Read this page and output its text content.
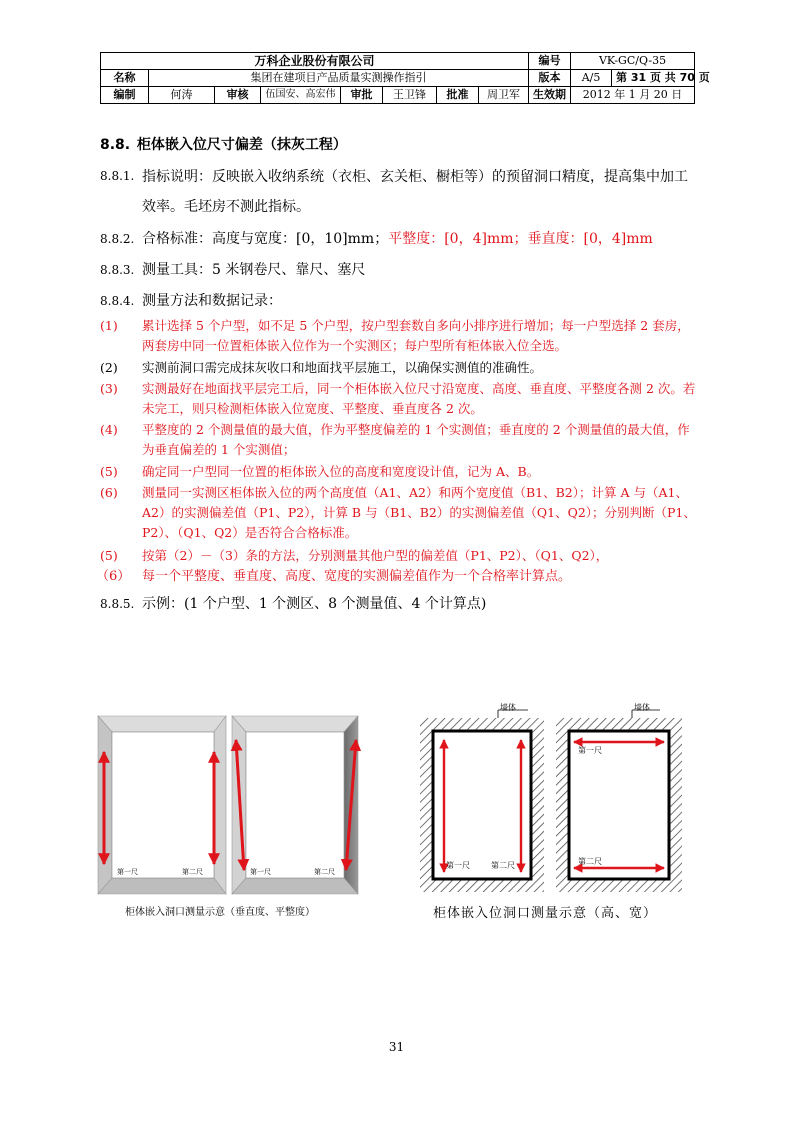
万科企业股份有限公司								编号	VK-GC/Q-35
名称	集团在建项目产品质量实测操作指引							版本	A/5 第 31 页 共 70 页
编制	何涛	审核	伍国安、高宏伟	审批	王卫锋	批准	周卫军	生效期	2012 年 1 月 20 日
8.8. 柜体嵌入位尺寸偏差（抹灰工程）
8.8.1. 指标说明：反映嵌入收纳系统（衣柜、玄关柜、橱柜等）的预留洞口精度，提高集中加工效率。毛坯房不测此指标。
8.8.2. 合格标准：高度与宽度：[0，10]mm；平整度：[0，4]mm；垂直度：[0，4]mm
8.8.3. 测量工具：5 米钢卷尺、靠尺、塞尺
8.8.4. 测量方法和数据记录：
(1)	累计选择 5 个户型，如不足 5 个户型，按户型套数自多向小排序进行增加；每一户型选择 2 套房，两套房中同一位置柜体嵌入位作为一个实测区；每户型所有柜体嵌入位全选。
(2)	实测前洞口需完成抹灰收口和地面找平层施工，以确保实测值的准确性。
(3)	实测最好在地面找平层完工后，同一个柜体嵌入位尺寸沿宽度、高度、垂直度、平整度各测 2 次。若未完工，则只检测柜体嵌入位宽度、平整度、垂直度各 2 次。
(4)	平整度的 2 个测量值的最大值，作为平整度偏差的 1 个实测值；垂直度的 2 个测量值的最大值，作为垂直偏差的 1 个实测值；
(5)	确定同一户型同一位置的柜体嵌入位的高度和宽度设计值，记为 A、B。
(6)	测量同一实测区柜体嵌入位的两个高度值（A1、A2）和两个宽度值（B1、B2）；计算 A 与（A1、A2）的实测偏差值（P1、P2），计算 B 与（B1、B2）的实测偏差值（Q1、Q2）；分别判断（P1、P2）、（Q1、Q2）是否符合合格标准。
(5)	按第（2）－（3）条的方法，分别测量其他户型的偏差值（P1、P2）、（Q1、Q2），
（6） 每一个平整度、垂直度、高度、宽度的实测偏差值作为一个合格率计算点。
8.8.5. 示例：(1 个户型、1 个测区、8 个测量值、4 个计算点)
第一尺	第二尺	第一尺	第二尺
柜体嵌入洞口测量示意（垂直度、平整度）
墙体	墙体
第一尺	第二尺
第一尺
第二尺
柜体嵌入位洞口测量示意（高、宽）
31
